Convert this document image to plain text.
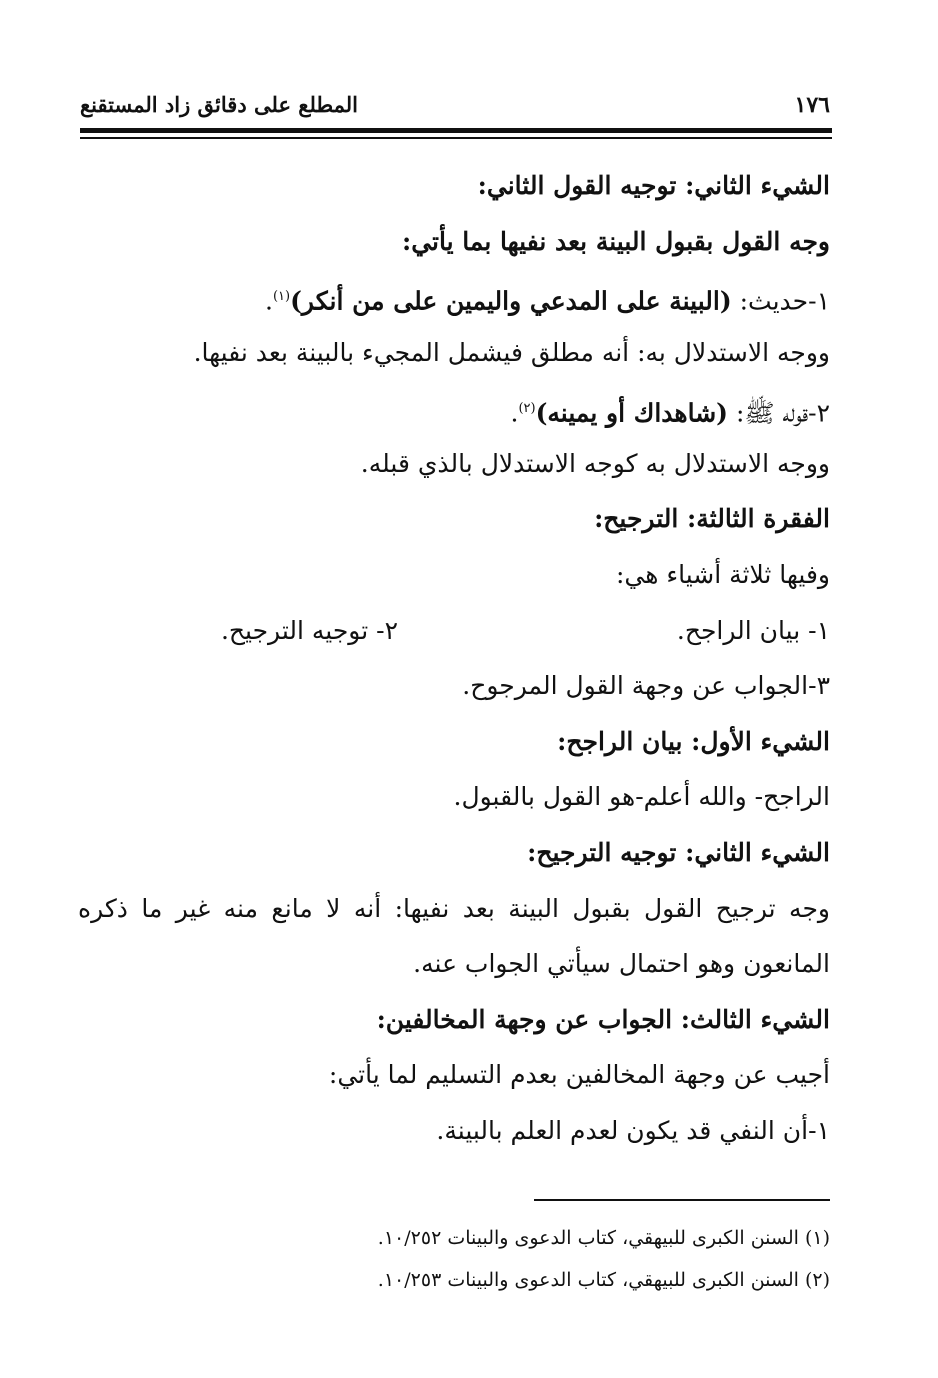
المطلع على دقائق زاد المستقنع	١٧٦
الشيء الثاني: توجيه القول الثاني:
وجه القول بقبول البينة بعد نفيها بما يأتي:
١-حديث: (البينة على المدعي واليمين على من أنكر)$^{(١)}$.
ووجه الاستدلال به: أنه مطلق فيشمل المجيء بالبينة بعد نفيها.
٢-قوله ﷺ: (شاهداك أو يمينه)$^{(٢)}$.
ووجه الاستدلال به كوجه الاستدلال بالذي قبله.
الفقرة الثالثة: الترجيح:
وفيها ثلاثة أشياء هي:
١- بيان الراجح.
٢- توجيه الترجيح.
٣-الجواب عن وجهة القول المرجوح.
الشيء الأول: بيان الراجح:
الراجح- والله أعلم-هو القول بالقبول.
الشيء الثاني: توجيه الترجيح:
وجه ترجيح القول بقبول البينة بعد نفيها: أنه لا مانع منه غير ما ذكره
المانعون وهو احتمال سيأتي الجواب عنه.
الشيء الثالث: الجواب عن وجهة المخالفين:
أجيب عن وجهة المخالفين بعدم التسليم لما يأتي:
١-أن النفي قد يكون لعدم العلم بالبينة.
(١) السنن الكبرى للبيهقي، كتاب الدعوى والبينات ١٠/٢٥٢.
(٢) السنن الكبرى للبيهقي، كتاب الدعوى والبينات ١٠/٢٥٣.
